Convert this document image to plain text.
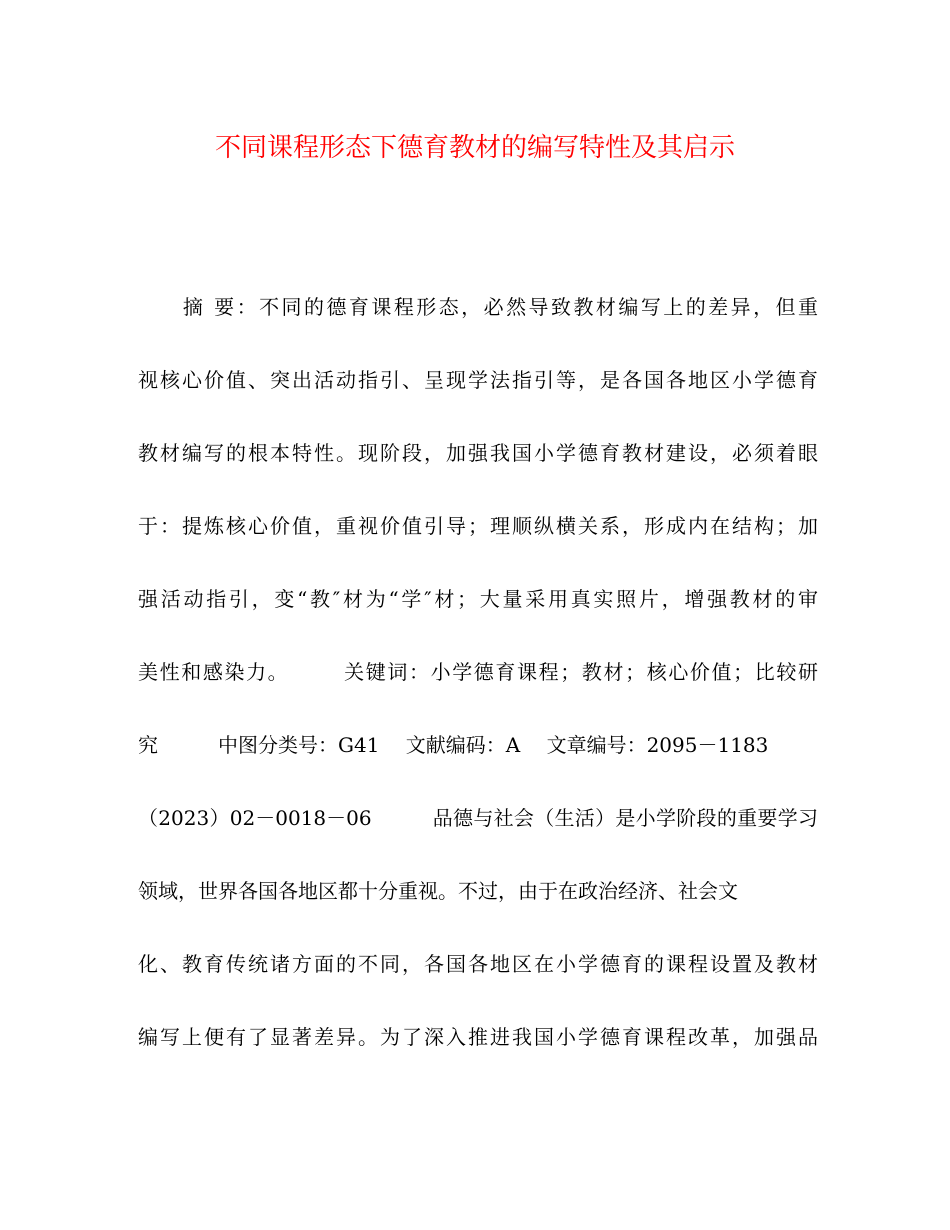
不同课程形态下德育教材的编写特性及其启示
　　摘 要：不同的德育课程形态，必然导致教材编写上的差异，但重
视核心价值、突出活动指引、呈现学法指引等，是各国各地区小学德育
教材编写的根本特性。现阶段，加强我国小学德育教材建设，必须着眼
于：提炼核心价值，重视价值引导；理顺纵横关系，形成内在结构；加
强活动指引，变“教″材为“学″材；大量采用真实照片，增强教材的审
美性和感染力。　　　关键词：小学德育课程；教材；核心价值；比较研
究　　　中图分类号：G41　 文献编码：A　 文章编号：2095－1183
（2023）02－0018－06　　　品德与社会（生活）是小学阶段的重要学习
领域，世界各国各地区都十分重视。不过，由于在政治经济、社会文
化、教育传统诸方面的不同，各国各地区在小学德育的课程设置及教材
编写上便有了显著差异。为了深入推进我国小学德育课程改革，加强品
